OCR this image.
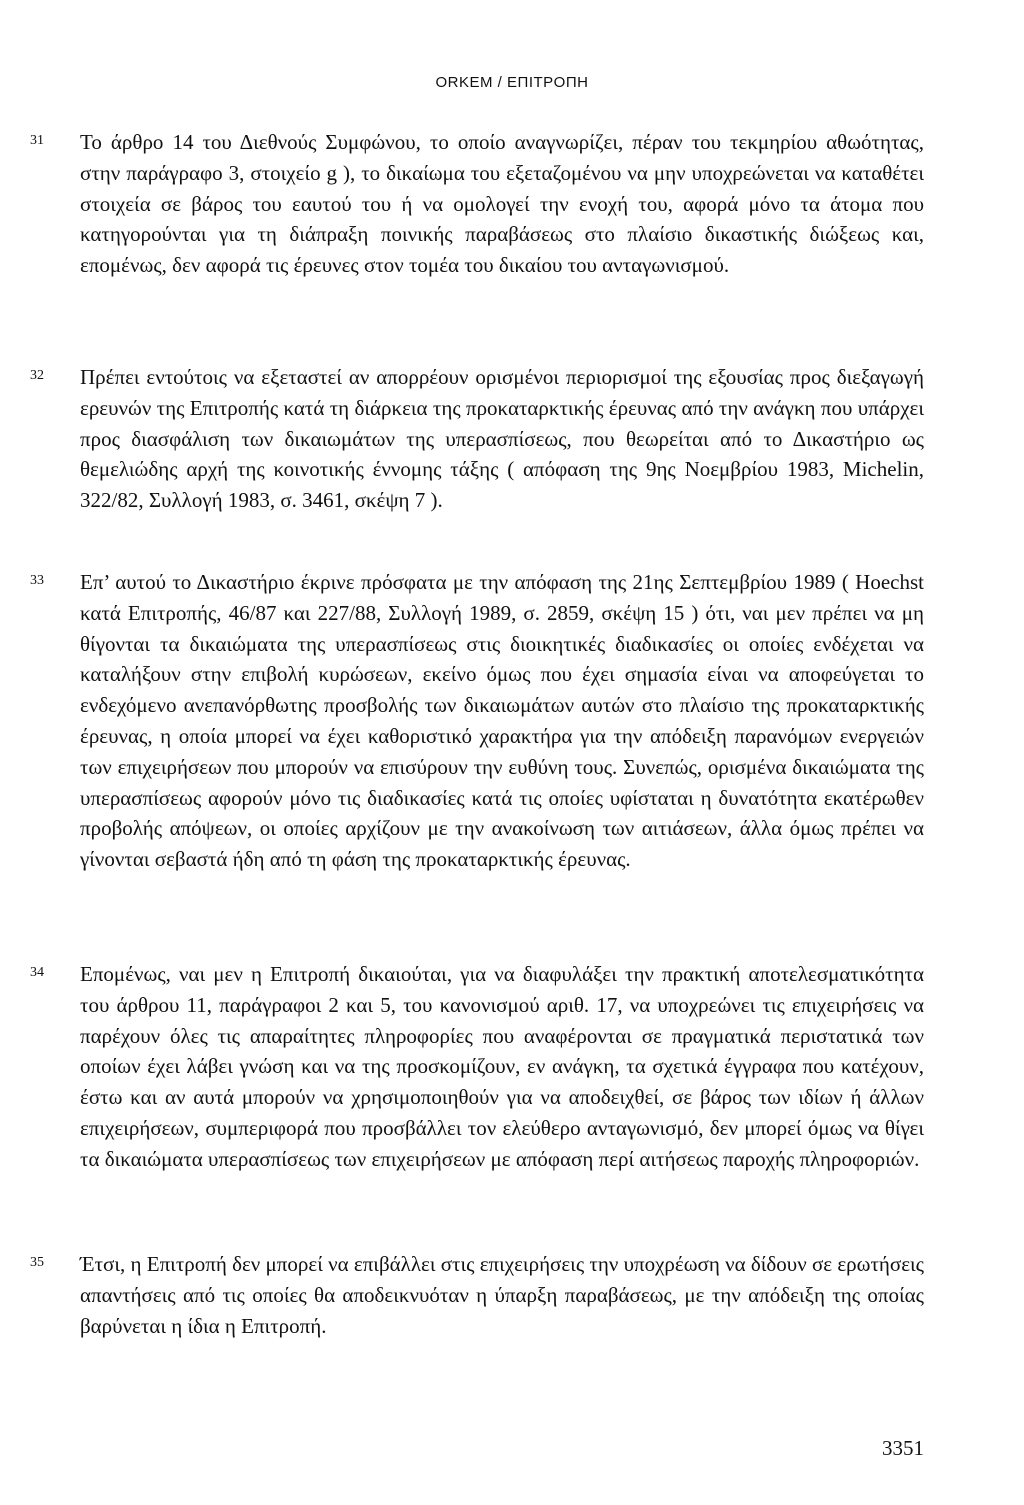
ORKEM / ΕΠΙΤΡΟΠΗ
31 Το άρθρο 14 του Διεθνούς Συμφώνου, το οποίο αναγνωρίζει, πέραν του τεκμηρίου αθωότητας, στην παράγραφο 3, στοιχείο g ), το δικαίωμα του εξεταζομένου να μην υποχρεώνεται να καταθέτει στοιχεία σε βάρος του εαυτού του ή να ομολογεί την ενοχή του, αφορά μόνο τα άτομα που κατηγορούνται για τη διάπραξη ποινικής παραβάσεως στο πλαίσιο δικαστικής διώξεως και, επομένως, δεν αφορά τις έρευνες στον τομέα του δικαίου του ανταγωνισμού.
32 Πρέπει εντούτοις να εξεταστεί αν απορρέουν ορισμένοι περιορισμοί της εξουσίας προς διεξαγωγή ερευνών της Επιτροπής κατά τη διάρκεια της προκαταρκτικής έρευνας από την ανάγκη που υπάρχει προς διασφάλιση των δικαιωμάτων της υπερασπίσεως, που θεωρείται από το Δικαστήριο ως θεμελιώδης αρχή της κοινοτικής έννομης τάξης ( απόφαση της 9ης Νοεμβρίου 1983, Michelin, 322/82, Συλλογή 1983, σ. 3461, σκέψη 7 ).
33 Επ’ αυτού το Δικαστήριο έκρινε πρόσφατα με την απόφαση της 21ης Σεπτεμβρίου 1989 ( Hoechst κατά Επιτροπής, 46/87 και 227/88, Συλλογή 1989, σ. 2859, σκέψη 15 ) ότι, ναι μεν πρέπει να μη θίγονται τα δικαιώματα της υπερασπίσεως στις διοικητικές διαδικασίες οι οποίες ενδέχεται να καταλήξουν στην επιβολή κυρώσεων, εκείνο όμως που έχει σημασία είναι να αποφεύγεται το ενδεχόμενο ανεπανόρθωτης προσβολής των δικαιωμάτων αυτών στο πλαίσιο της προκαταρκτικής έρευνας, η οποία μπορεί να έχει καθοριστικό χαρακτήρα για την απόδειξη παρανόμων ενεργειών των επιχειρήσεων που μπορούν να επισύρουν την ευθύνη τους. Συνεπώς, ορισμένα δικαιώματα της υπερασπίσεως αφορούν μόνο τις διαδικασίες κατά τις οποίες υφίσταται η δυνατότητα εκατέρωθεν προβολής απόψεων, οι οποίες αρχίζουν με την ανακοίνωση των αιτιάσεων, άλλα όμως πρέπει να γίνονται σεβαστά ήδη από τη φάση της προκαταρκτικής έρευνας.
34 Επομένως, ναι μεν η Επιτροπή δικαιούται, για να διαφυλάξει την πρακτική αποτελεσματικότητα του άρθρου 11, παράγραφοι 2 και 5, του κανονισμού αριθ. 17, να υποχρεώνει τις επιχειρήσεις να παρέχουν όλες τις απαραίτητες πληροφορίες που αναφέρονται σε πραγματικά περιστατικά των οποίων έχει λάβει γνώση και να της προσκομίζουν, εν ανάγκη, τα σχετικά έγγραφα που κατέχουν, έστω και αν αυτά μπορούν να χρησιμοποιηθούν για να αποδειχθεί, σε βάρος των ιδίων ή άλλων επιχειρήσεων, συμπεριφορά που προσβάλλει τον ελεύθερο ανταγωνισμό, δεν μπορεί όμως να θίγει τα δικαιώματα υπερασπίσεως των επιχειρήσεων με απόφαση περί αιτήσεως παροχής πληροφοριών.
35 Έτσι, η Επιτροπή δεν μπορεί να επιβάλλει στις επιχειρήσεις την υποχρέωση να δίδουν σε ερωτήσεις απαντήσεις από τις οποίες θα αποδεικνυόταν η ύπαρξη παραβάσεως, με την απόδειξη της οποίας βαρύνεται η ίδια η Επιτροπή.
3351
